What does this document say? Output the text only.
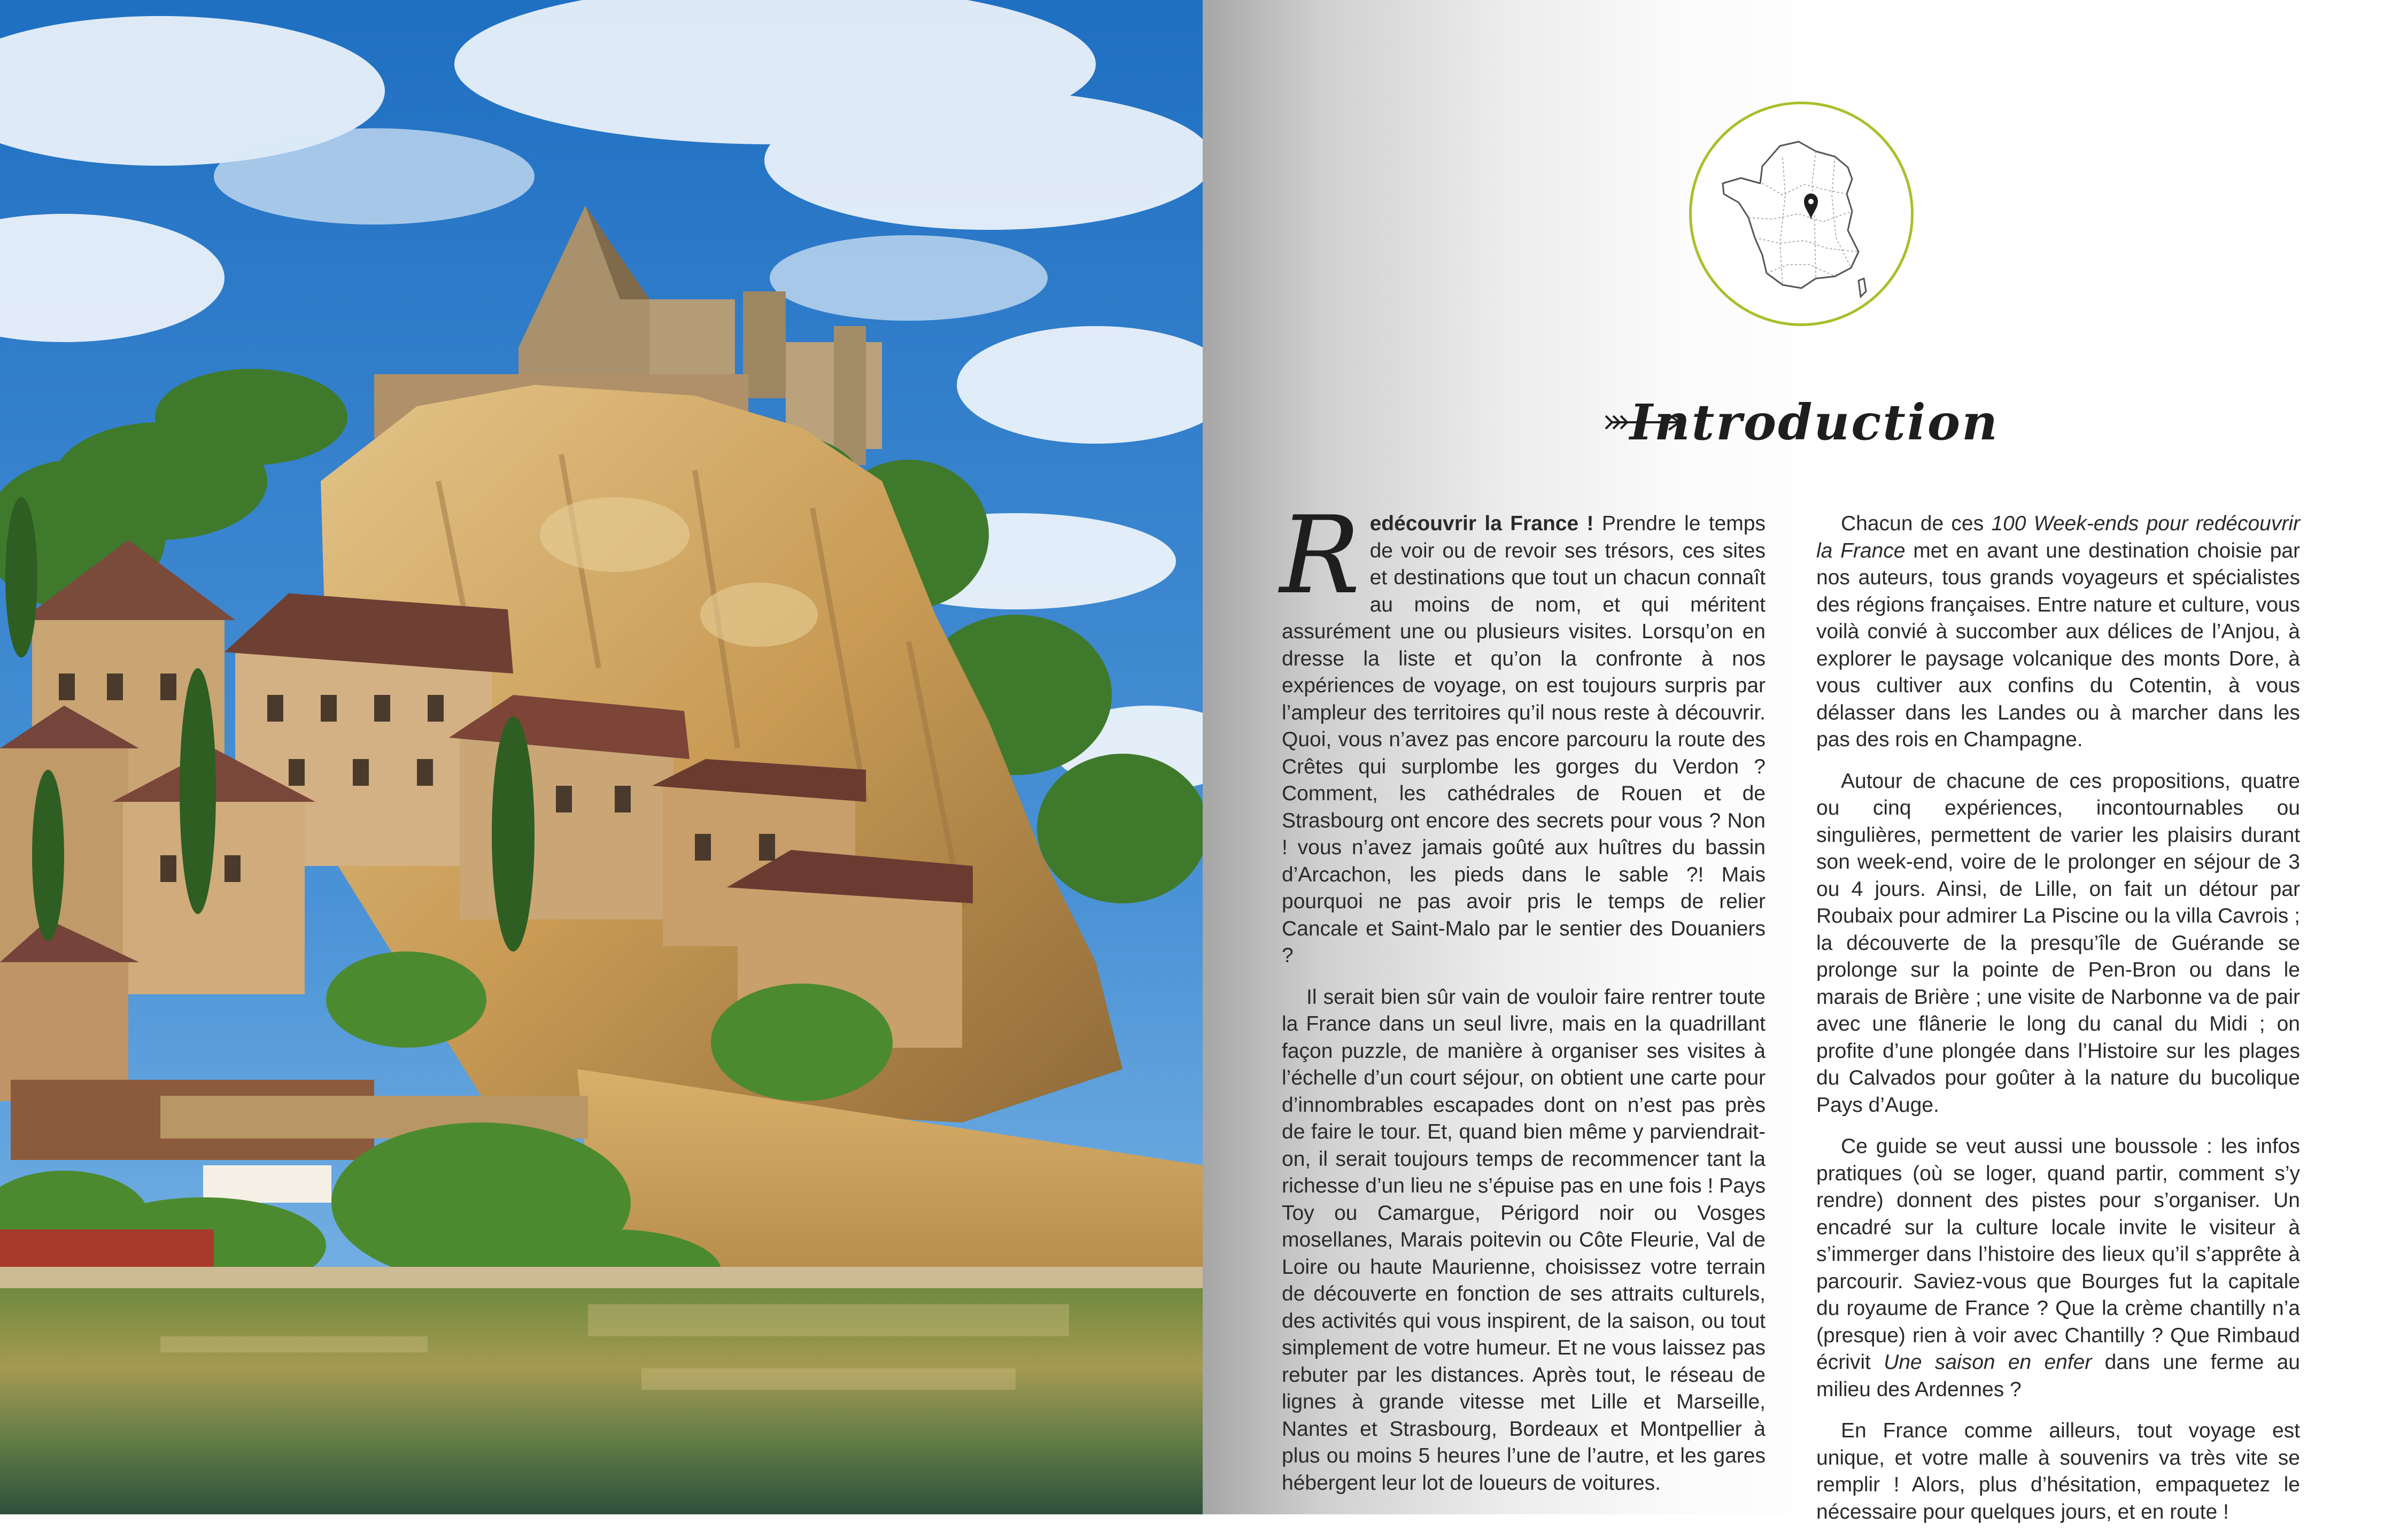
Introduction

Redécouvrir la France ! Prendre le temps de voir ou de revoir ses trésors, ces sites et destinations que tout un chacun connaît au moins de nom, et qui méritent assurément une ou plusieurs visites. Lorsqu’on en dresse la liste et qu’on la confronte à nos expériences de voyage, on est toujours surpris par l’ampleur des territoires qu’il nous reste à découvrir. Quoi, vous n’avez pas encore parcouru la route des Crêtes qui surplombe les gorges du Verdon ? Comment, les cathédrales de Rouen et de Strasbourg ont encore des secrets pour vous ? Non ! vous n’avez jamais goûté aux huîtres du bassin d’Arcachon, les pieds dans le sable ?! Mais pourquoi ne pas avoir pris le temps de relier Cancale et Saint-Malo par le sentier des Douaniers ?

Il serait bien sûr vain de vouloir faire rentrer toute la France dans un seul livre, mais en la quadrillant façon puzzle, de manière à organiser ses visites à l’échelle d’un court séjour, on obtient une carte pour d’innombrables escapades dont on n’est pas près de faire le tour. Et, quand bien même y parviendrait-on, il serait toujours temps de recommencer tant la richesse d’un lieu ne s’épuise pas en une fois ! Pays Toy ou Camargue, Périgord noir ou Vosges mosellanes, Marais poitevin ou Côte Fleurie, Val de Loire ou haute Maurienne, choisissez votre terrain de découverte en fonction de ses attraits culturels, des activités qui vous inspirent, de la saison, ou tout simplement de votre humeur. Et ne vous laissez pas rebuter par les distances. Après tout, le réseau de lignes à grande vitesse met Lille et Marseille, Nantes et Strasbourg, Bordeaux et Montpellier à plus ou moins 5 heures l’une de l’autre, et les gares hébergent leur lot de loueurs de voitures.

Chacun de ces 100 Week-ends pour redécouvrir la France met en avant une destination choisie par nos auteurs, tous grands voyageurs et spécialistes des régions françaises. Entre nature et culture, vous voilà convié à succomber aux délices de l’Anjou, à explorer le paysage volcanique des monts Dore, à vous cultiver aux confins du Cotentin, à vous délasser dans les Landes ou à marcher dans les pas des rois en Champagne.

Autour de chacune de ces propositions, quatre ou cinq expériences, incontournables ou singulières, permettent de varier les plaisirs durant son week-end, voire de le prolonger en séjour de 3 ou 4 jours. Ainsi, de Lille, on fait un détour par Roubaix pour admirer La Piscine ou la villa Cavrois ; la découverte de la presqu’île de Guérande se prolonge sur la pointe de Pen-Bron ou dans le marais de Brière ; une visite de Narbonne va de pair avec une flânerie le long du canal du Midi ; on profite d’une plongée dans l’Histoire sur les plages du Calvados pour goûter à la nature du bucolique Pays d’Auge.

Ce guide se veut aussi une boussole : les infos pratiques (où se loger, quand partir, comment s’y rendre) donnent des pistes pour s’organiser. Un encadré sur la culture locale invite le visiteur à s’immerger dans l’histoire des lieux qu’il s’apprête à parcourir. Saviez-vous que Bourges fut la capitale du royaume de France ? Que la crème chantilly n’a (presque) rien à voir avec Chantilly ? Que Rimbaud écrivit Une saison en enfer dans une ferme au milieu des Ardennes ?

En France comme ailleurs, tout voyage est unique, et votre malle à souvenirs va très vite se remplir ! Alors, plus d’hésitation, empaquetez le nécessaire pour quelques jours, et en route !
